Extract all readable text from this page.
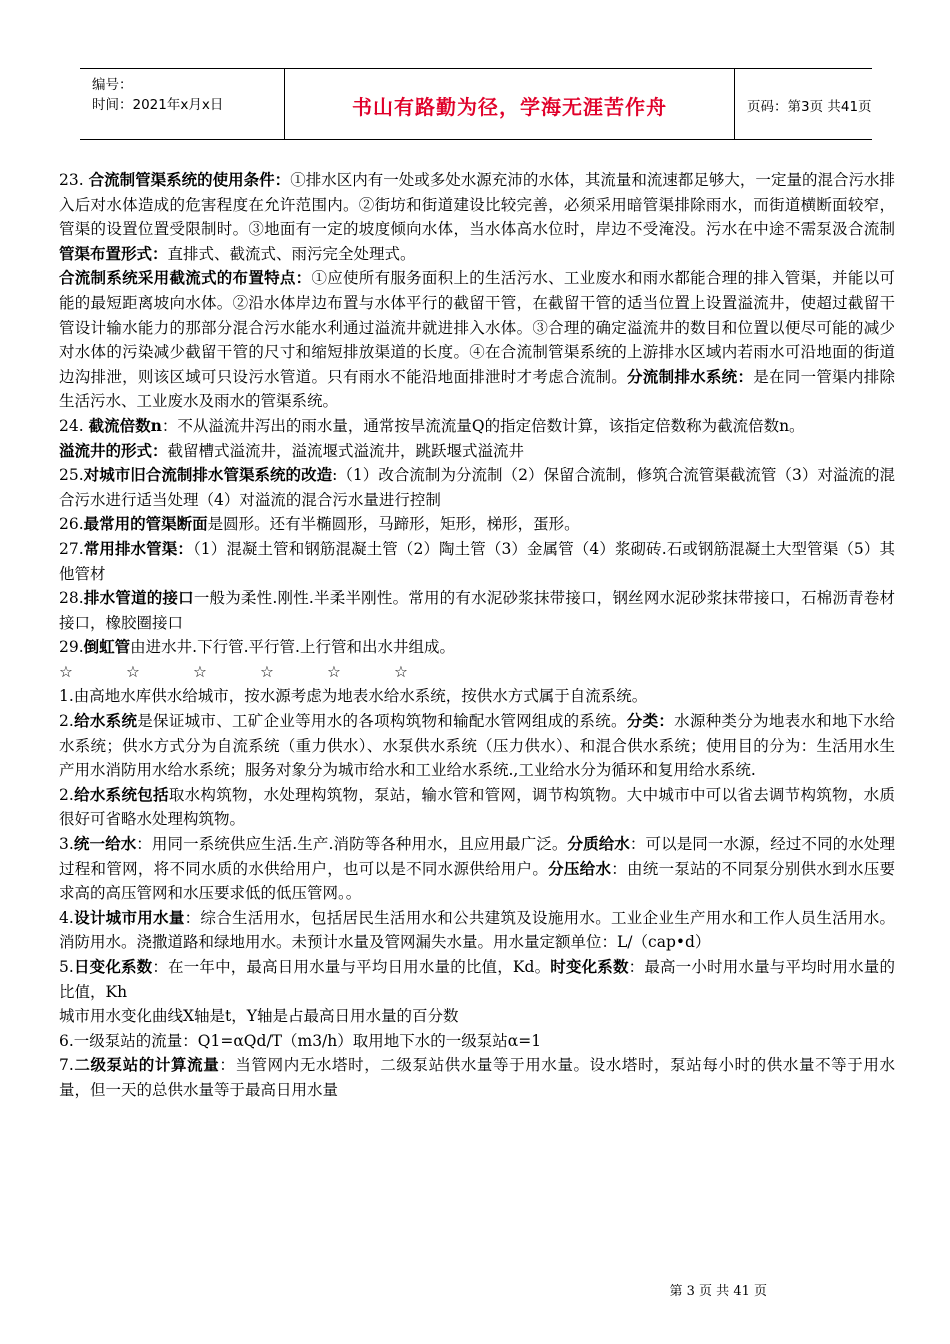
编号：
时间：2021年x月x日	书山有路勤为径，学海无涯苦作舟	页码：第3页 共41页

23. 合流制管渠系统的使用条件：①排水区内有一处或多处水源充沛的水体，其流量和流速都足够大，一定量的混合污水排入后对水体造成的危害程度在允许范围内。②街坊和街道建设比较完善，必须采用暗管渠排除雨水，而街道横断面较窄，管渠的设置位置受限制时。③地面有一定的坡度倾向水体，当水体高水位时，岸边不受淹没。污水在中途不需泵汲合流制管渠布置形式：直排式、截流式、雨污完全处理式。

合流制系统采用截流式的布置特点：①应使所有服务面积上的生活污水、工业废水和雨水都能合理的排入管渠，并能以可能的最短距离坡向水体。②沿水体岸边布置与水体平行的截留干管，在截留干管的适当位置上设置溢流井，使超过截留干管设计输水能力的那部分混合污水能水利通过溢流井就进排入水体。③合理的确定溢流井的数目和位置以便尽可能的减少对水体的污染减少截留干管的尺寸和缩短排放渠道的长度。④在合流制管渠系统的上游排水区域内若雨水可沿地面的街道边沟排泄，则该区域可只设污水管道。只有雨水不能沿地面排泄时才考虑合流制。分流制排水系统：是在同一管渠内排除生活污水、工业废水及雨水的管渠系统。

24. 截流倍数n：不从溢流井泻出的雨水量，通常按旱流流量Q的指定倍数计算，该指定倍数称为截流倍数n。

溢流井的形式：截留槽式溢流井，溢流堰式溢流井，跳跃堰式溢流井

25.对城市旧合流制排水管渠系统的改造:（1）改合流制为分流制（2）保留合流制，修筑合流管渠截流管（3）对溢流的混合污水进行适当处理（4）对溢流的混合污水量进行控制

26.最常用的管渠断面是圆形。还有半椭圆形，马蹄形，矩形，梯形，蛋形。

27.常用排水管渠：（1）混凝土管和钢筋混凝土管（2）陶土管（3）金属管（4）浆砌砖.石或钢筋混凝土大型管渠（5）其他管材

28.排水管道的接口一般为柔性.刚性.半柔半刚性。常用的有水泥砂浆抹带接口，钢丝网水泥砂浆抹带接口，石棉沥青卷材接口，橡胶圈接口

29.倒虹管由进水井.下行管.平行管.上行管和出水井组成。

☆	☆	☆	☆	☆	☆

1.由高地水库供水给城市，按水源考虑为地表水给水系统，按供水方式属于自流系统。

2.给水系统是保证城市、工矿企业等用水的各项构筑物和输配水管网组成的系统。分类：水源种类分为地表水和地下水给水系统；供水方式分为自流系统（重力供水）、水泵供水系统（压力供水）、和混合供水系统；使用目的分为：生活用水生产用水消防用水给水系统；服务对象分为城市给水和工业给水系统.,工业给水分为循环和复用给水系统.

2.给水系统包括取水构筑物，水处理构筑物，泵站，输水管和管网，调节构筑物。大中城市中可以省去调节构筑物，水质很好可省略水处理构筑物。

3.统一给水：用同一系统供应生活.生产.消防等各种用水，且应用最广泛。分质给水：可以是同一水源，经过不同的水处理过程和管网，将不同水质的水供给用户，也可以是不同水源供给用户。分压给水：由统一泵站的不同泵分别供水到水压要求高的高压管网和水压要求低的低压管网。。

4.设计城市用水量：综合生活用水，包括居民生活用水和公共建筑及设施用水。工业企业生产用水和工作人员生活用水。消防用水。浇撒道路和绿地用水。未预计水量及管网漏失水量。用水量定额单位：L/（cap•d）

5.日变化系数：在一年中，最高日用水量与平均日用水量的比值，Kd。时变化系数：最高一小时用水量与平均时用水量的比值，Kh

城市用水变化曲线X轴是t，Y轴是占最高日用水量的百分数

6.一级泵站的流量：Q1=αQd/T（m3/h）取用地下水的一级泵站α=1

7.二级泵站的计算流量：当管网内无水塔时，二级泵站供水量等于用水量。设水塔时，泵站每小时的供水量不等于用水量，但一天的总供水量等于最高日用水量

第 3 页 共 41 页
